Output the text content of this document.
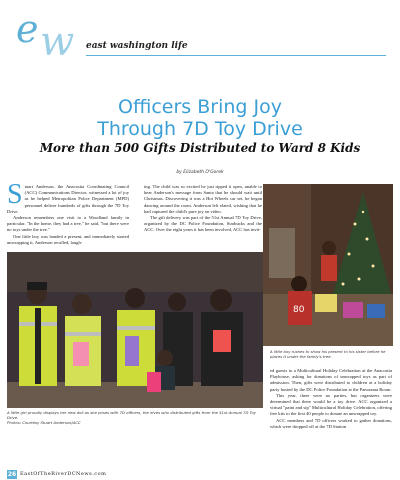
e w east washington life
Officers Bring Joy
Through 7D Toy Drive
More than 500 Gifts Distributed to Ward 8 Kids
by Elizabeth O'Gorek
S tuart Anderson, the Anacostia Coordinating Council (ACC) Communications Director, witnessed a lot of joy as he helped Metropolitan Police Department (MPD) personnel deliver hundreds of gifts through the 7D Toy Drive.

Anderson remembers one visit to a Woodland family in particular. "In the home, they had a tree," he said, "but there were no toys under the tree."

One little boy was handed a present, and immediately started unwrapping it, Anderson recalled, laugh-

ing. The child was so excited he just ripped it open, unable to hear Anderson's message from Santa that he should wait until Christmas. Discovering it was a Hot Wheels car set, he began dancing around the room. Anderson left elated, wishing that he had captured the child's pure joy on video.

The gift delivery was part of the 51st Annual 7D Toy Drive, organized by the DC Police Foundation, Starbucks and the ACC. Over the eight years it has been involved, ACC has invit-

80
A little boy rushes to show his present to his sister before he places it under the family's tree.
A little girl proudly displays her new doll as she poses with 7D officers, the elves who distributed gifts from the 51st Annual 7D Toy Drive.
Photos: Courtesy Stuart Anderson/ACC

ed guests to a Multicultural Holiday Celebration at the Anacostia Playhouse, asking for donations of unwrapped toys as part of admission. Then, gifts were distributed to children at a holiday party hosted by the DC Police Foundation at the Panorama Room.

This year, there were no parties, but organizers were determined that there would be a toy drive. ACC organized a virtual "paint and sip" Multicultural Holiday Celebration, offering free kits to the first 40 people to donate an unwrapped toy.

ACC members and 7D officers worked to gather donations, which were dropped off at the 7D Station

26 EastOfTheRiverDCNews.com
